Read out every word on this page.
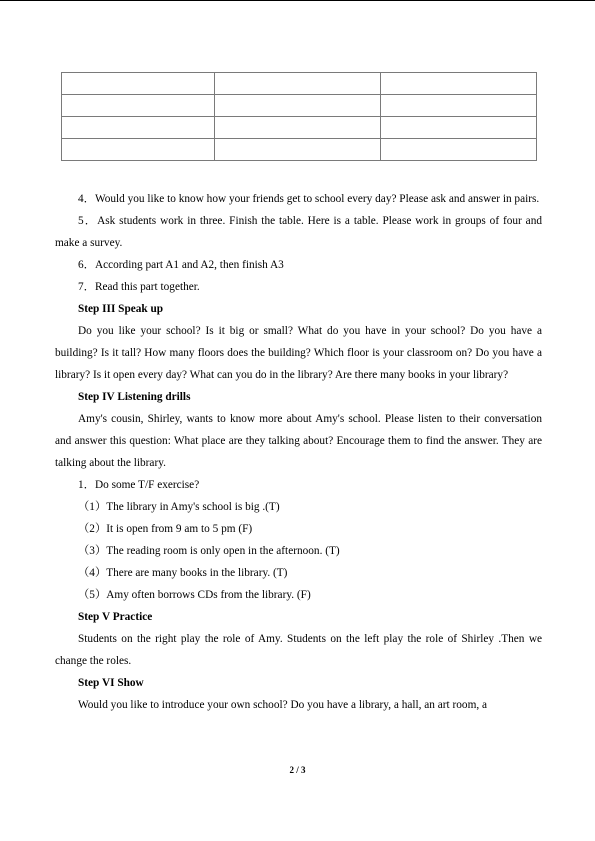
4．Would you like to know how your friends get to school every day? Please ask and answer in pairs.

5．Ask students work in three. Finish the table. Here is a table. Please work in groups of four and make a survey.

6．According part A1 and A2, then finish A3

7．Read this part together.

Step III Speak up

Do you like your school? Is it big or small? What do you have in your school? Do you have a building? Is it tall? How many floors does the building? Which floor is your classroom on? Do you have a library? Is it open every day? What can you do in the library? Are there many books in your library?

Step IV Listening drills

Amy's cousin, Shirley, wants to know more about Amy's school. Please listen to their conversation and answer this question: What place are they talking about? Encourage them to find the answer. They are talking about the library.

1．Do some T/F exercise?

（1）The library in Amy's school is big .(T)

（2）It is open from 9 am to 5 pm (F)

（3）The reading room is only open in the afternoon. (T)

（4）There are many books in the library. (T)

（5）Amy often borrows CDs from the library. (F)

Step V Practice

Students on the right play the role of Amy. Students on the left play the role of Shirley .Then we change the roles.

Step VI Show

Would you like to introduce your own school? Do you have a library, a hall, an art room, a

2 / 3
